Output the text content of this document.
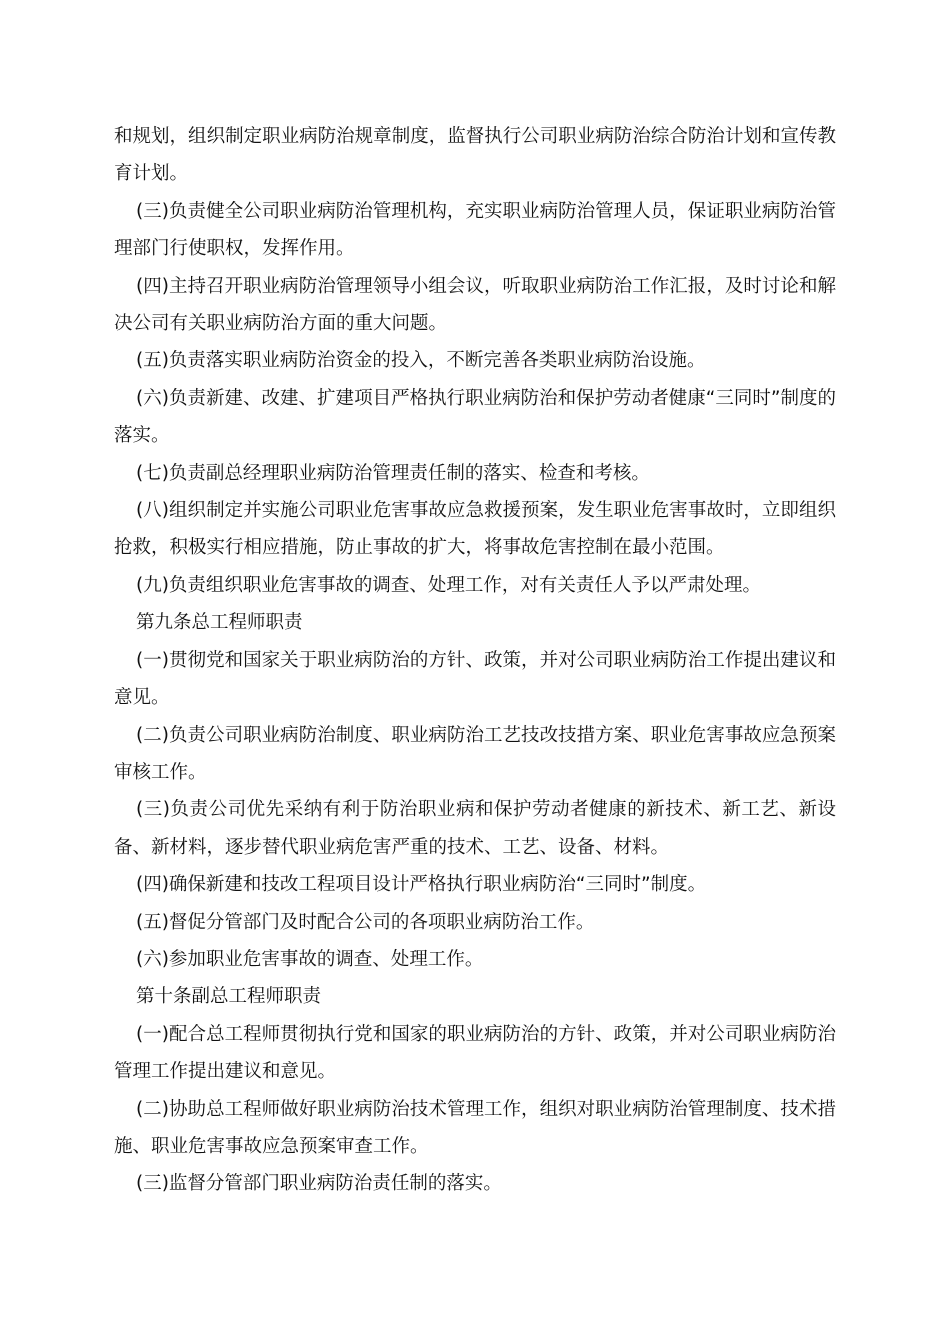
和规划，组织制定职业病防治规章制度，监督执行公司职业病防治综合防治计划和宣传教育计划。

(三)负责健全公司职业病防治管理机构，充实职业病防治管理人员，保证职业病防治管理部门行使职权，发挥作用。

(四)主持召开职业病防治管理领导小组会议，听取职业病防治工作汇报，及时讨论和解决公司有关职业病防治方面的重大问题。

(五)负责落实职业病防治资金的投入，不断完善各类职业病防治设施。

(六)负责新建、改建、扩建项目严格执行职业病防治和保护劳动者健康“三同时”制度的落实。

(七)负责副总经理职业病防治管理责任制的落实、检查和考核。

(八)组织制定并实施公司职业危害事故应急救援预案，发生职业危害事故时，立即组织抢救，积极实行相应措施，防止事故的扩大，将事故危害控制在最小范围。

(九)负责组织职业危害事故的调查、处理工作，对有关责任人予以严肃处理。

第九条总工程师职责

(一)贯彻党和国家关于职业病防治的方针、政策，并对公司职业病防治工作提出建议和意见。

(二)负责公司职业病防治制度、职业病防治工艺技改技措方案、职业危害事故应急预案审核工作。

(三)负责公司优先采纳有利于防治职业病和保护劳动者健康的新技术、新工艺、新设备、新材料，逐步替代职业病危害严重的技术、工艺、设备、材料。

(四)确保新建和技改工程项目设计严格执行职业病防治“三同时”制度。

(五)督促分管部门及时配合公司的各项职业病防治工作。

(六)参加职业危害事故的调查、处理工作。

第十条副总工程师职责

(一)配合总工程师贯彻执行党和国家的职业病防治的方针、政策，并对公司职业病防治管理工作提出建议和意见。

(二)协助总工程师做好职业病防治技术管理工作，组织对职业病防治管理制度、技术措施、职业危害事故应急预案审查工作。

(三)监督分管部门职业病防治责任制的落实。
